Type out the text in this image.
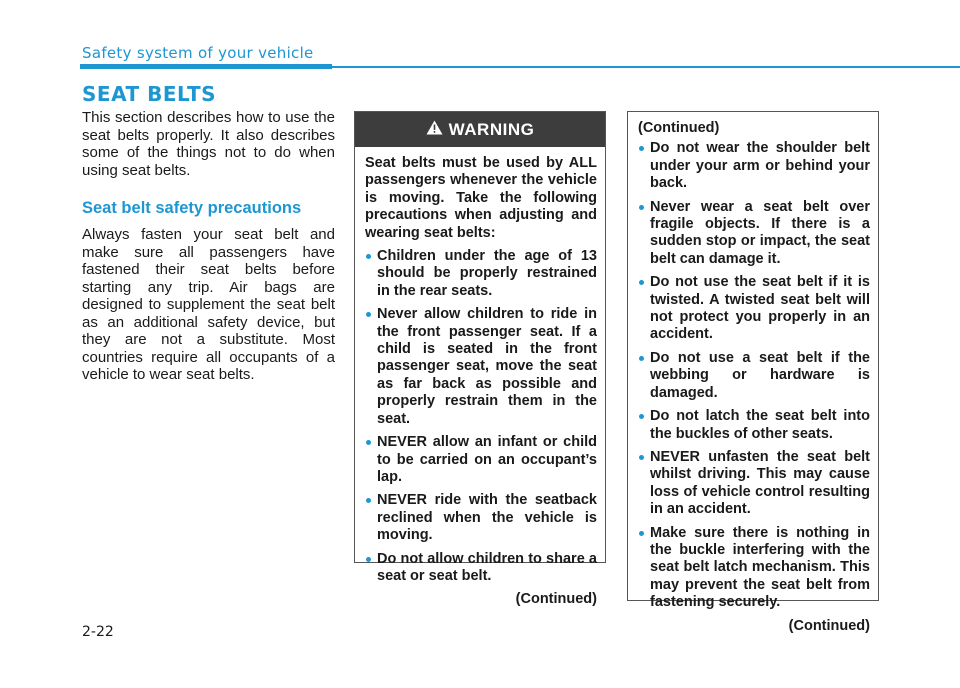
Safety system of your vehicle
SEAT BELTS

This section describes how to use the seat belts properly. It also describes some of the things not to do when using seat belts.

Seat belt safety precautions

Always fasten your seat belt and make sure all passengers have fastened their seat belts before starting any trip. Air bags are designed to supplement the seat belt as an additional safety device, but they are not a substitute. Most countries require all occupants of a vehicle to wear seat belts.

WARNING

Seat belts must be used by ALL passengers whenever the vehicle is moving. Take the following precautions when adjusting and wearing seat belts:

Children under the age of 13 should be properly restrained in the rear seats.
Never allow children to ride in the front passenger seat. If a child is seated in the front passenger seat, move the seat as far back as possible and properly restrain them in the seat.
NEVER allow an infant or child to be carried on an occupant’s lap.
NEVER ride with the seatback reclined when the vehicle is moving.
Do not allow children to share a seat or seat belt.

(Continued)

(Continued)

Do not wear the shoulder belt under your arm or behind your back.
Never wear a seat belt over fragile objects. If there is a sudden stop or impact, the seat belt can damage it.
Do not use the seat belt if it is twisted. A twisted seat belt will not protect you properly in an accident.
Do not use a seat belt if the webbing or hardware is damaged.
Do not latch the seat belt into the buckles of other seats.
NEVER unfasten the seat belt whilst driving. This may cause loss of vehicle control resulting in an accident.
Make sure there is nothing in the buckle interfering with the seat belt latch mechanism. This may prevent the seat belt from fastening securely.

(Continued)

2-22
